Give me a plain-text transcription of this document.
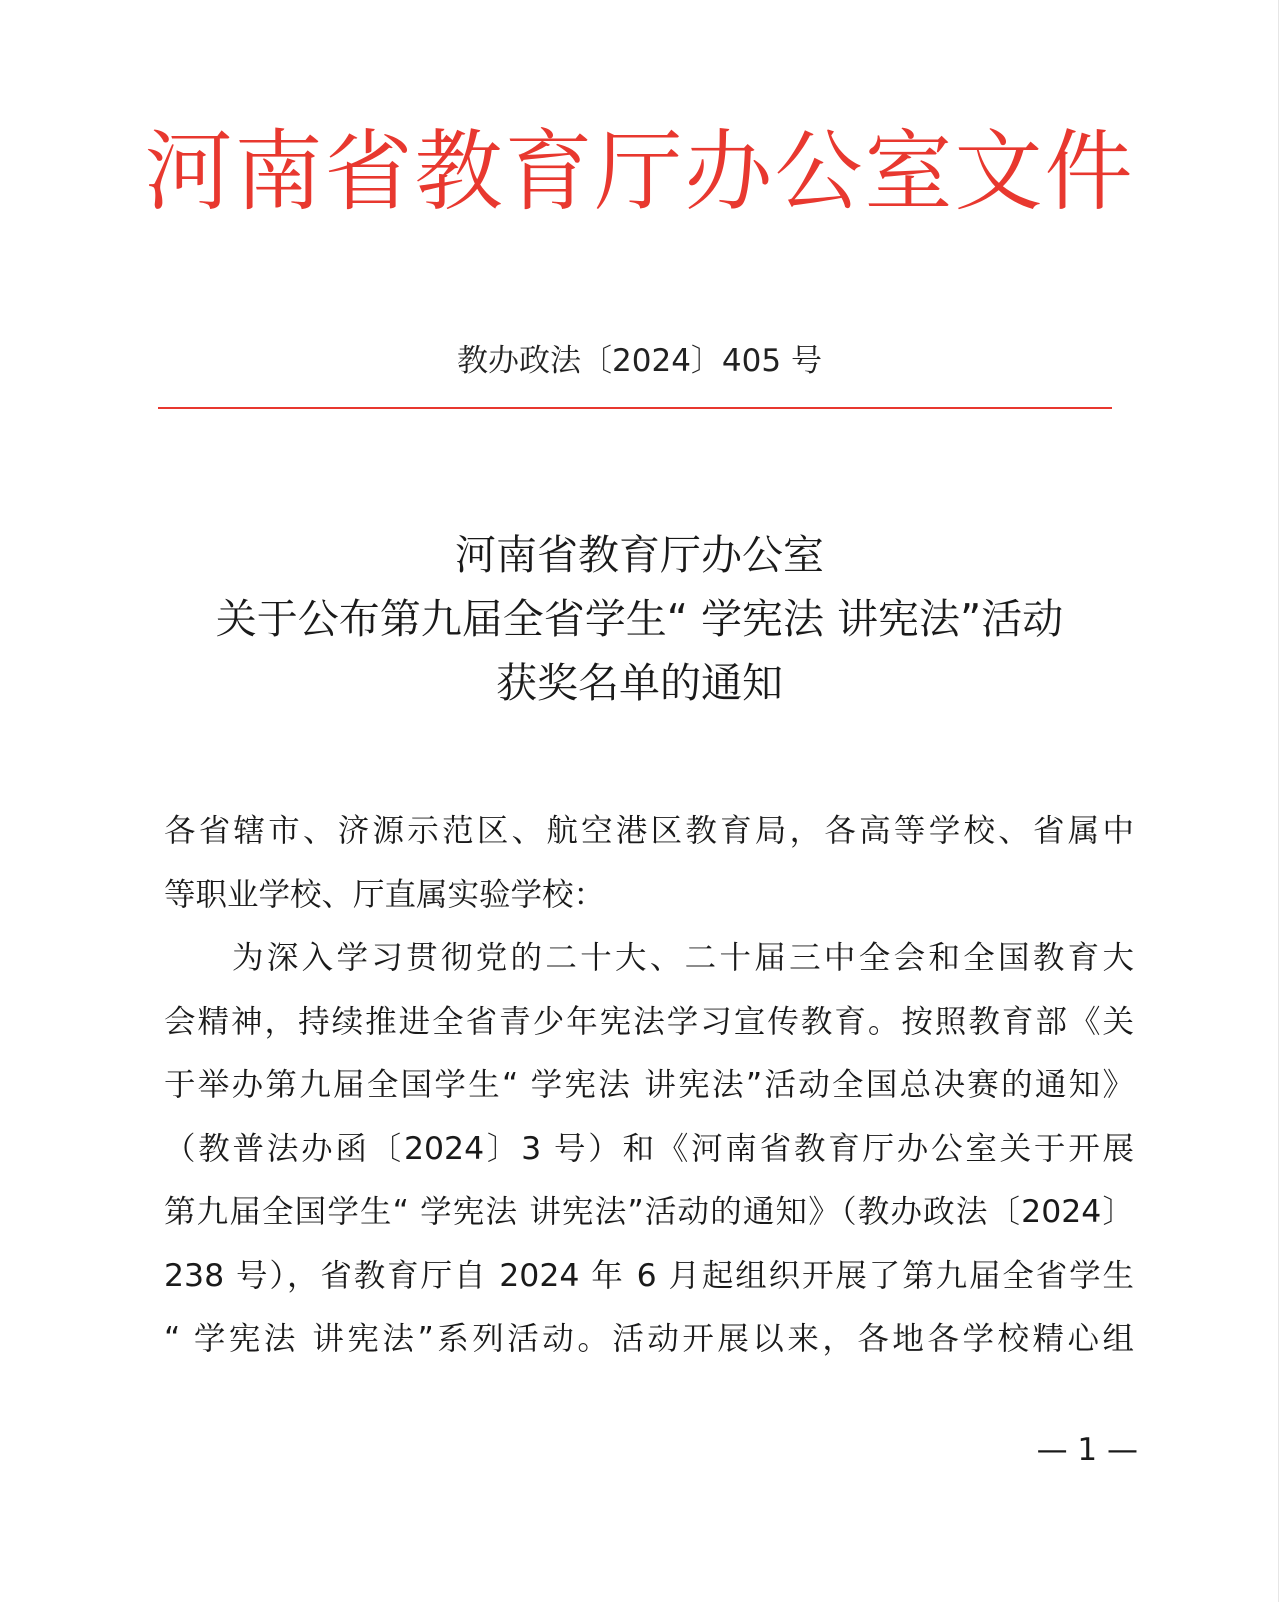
河南省教育厅办公室文件
教办政法〔2024〕405 号
河南省教育厅办公室
关于公布第九届全省学生“ 学宪法 讲宪法”活动
获奖名单的通知
各省辖市、济源示范区、航空港区教育局，各高等学校、省属中
等职业学校、厅直属实验学校：
为深入学习贯彻党的二十大、二十届三中全会和全国教育大
会精神，持续推进全省青少年宪法学习宣传教育。按照教育部《关
于举办第九届全国学生“ 学宪法 讲宪法”活动全国总决赛的通知》
（教普法办函〔2024〕3 号）和《河南省教育厅办公室关于开展
第九届全国学生“ 学宪法 讲宪法”活动的通知》（教办政法〔2024〕
238 号），省教育厅自 2024 年 6 月起组织开展了第九届全省学生
“ 学宪法 讲宪法”系列活动。活动开展以来，各地各学校精心组
— 1 —
